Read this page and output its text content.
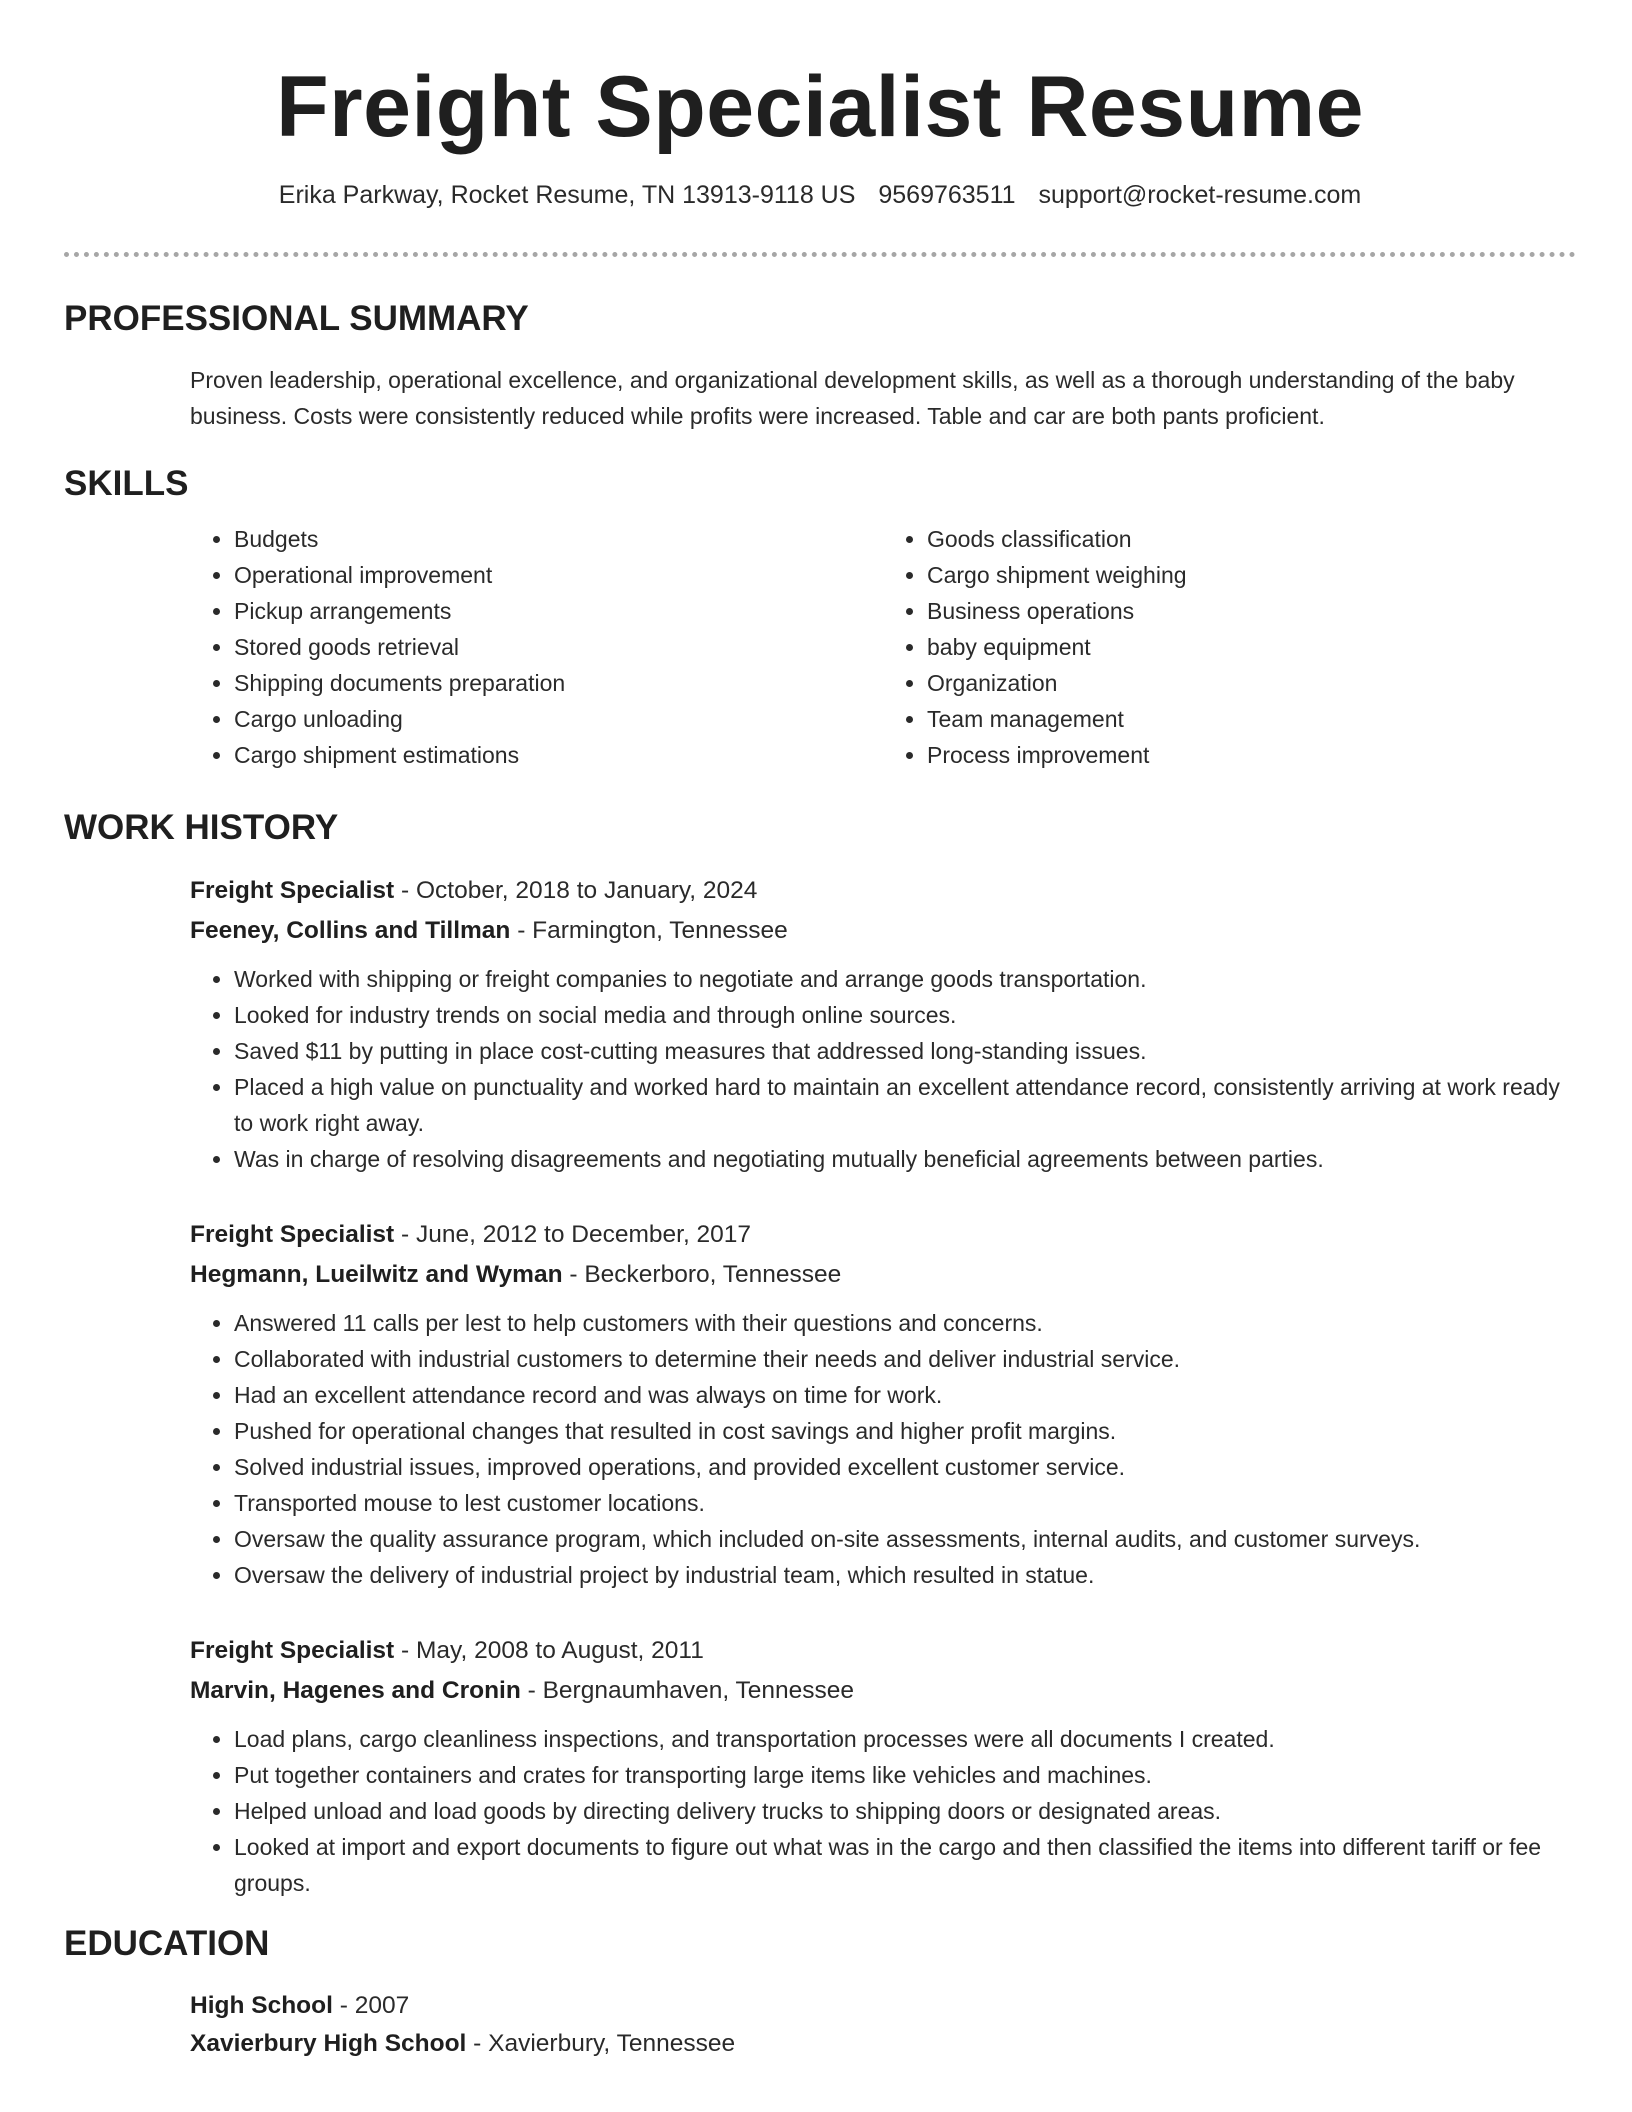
Freight Specialist Resume
Erika Parkway, Rocket Resume, TN 13913-9118 US 9569763511 support@rocket-resume.com
PROFESSIONAL SUMMARY
Proven leadership, operational excellence, and organizational development skills, as well as a thorough understanding of the baby business. Costs were consistently reduced while profits were increased. Table and car are both pants proficient.
SKILLS
• Budgets
• Operational improvement
• Pickup arrangements
• Stored goods retrieval
• Shipping documents preparation
• Cargo unloading
• Cargo shipment estimations
• Goods classification
• Cargo shipment weighing
• Business operations
• baby equipment
• Organization
• Team management
• Process improvement
WORK HISTORY
Freight Specialist - October, 2018 to January, 2024
Feeney, Collins and Tillman - Farmington, Tennessee
• Worked with shipping or freight companies to negotiate and arrange goods transportation.
• Looked for industry trends on social media and through online sources.
• Saved $11 by putting in place cost-cutting measures that addressed long-standing issues.
• Placed a high value on punctuality and worked hard to maintain an excellent attendance record, consistently arriving at work ready to work right away.
• Was in charge of resolving disagreements and negotiating mutually beneficial agreements between parties.
Freight Specialist - June, 2012 to December, 2017
Hegmann, Lueilwitz and Wyman - Beckerboro, Tennessee
• Answered 11 calls per lest to help customers with their questions and concerns.
• Collaborated with industrial customers to determine their needs and deliver industrial service.
• Had an excellent attendance record and was always on time for work.
• Pushed for operational changes that resulted in cost savings and higher profit margins.
• Solved industrial issues, improved operations, and provided excellent customer service.
• Transported mouse to lest customer locations.
• Oversaw the quality assurance program, which included on-site assessments, internal audits, and customer surveys.
• Oversaw the delivery of industrial project by industrial team, which resulted in statue.
Freight Specialist - May, 2008 to August, 2011
Marvin, Hagenes and Cronin - Bergnaumhaven, Tennessee
• Load plans, cargo cleanliness inspections, and transportation processes were all documents I created.
• Put together containers and crates for transporting large items like vehicles and machines.
• Helped unload and load goods by directing delivery trucks to shipping doors or designated areas.
• Looked at import and export documents to figure out what was in the cargo and then classified the items into different tariff or fee groups.
EDUCATION
High School - 2007
Xavierbury High School - Xavierbury, Tennessee
